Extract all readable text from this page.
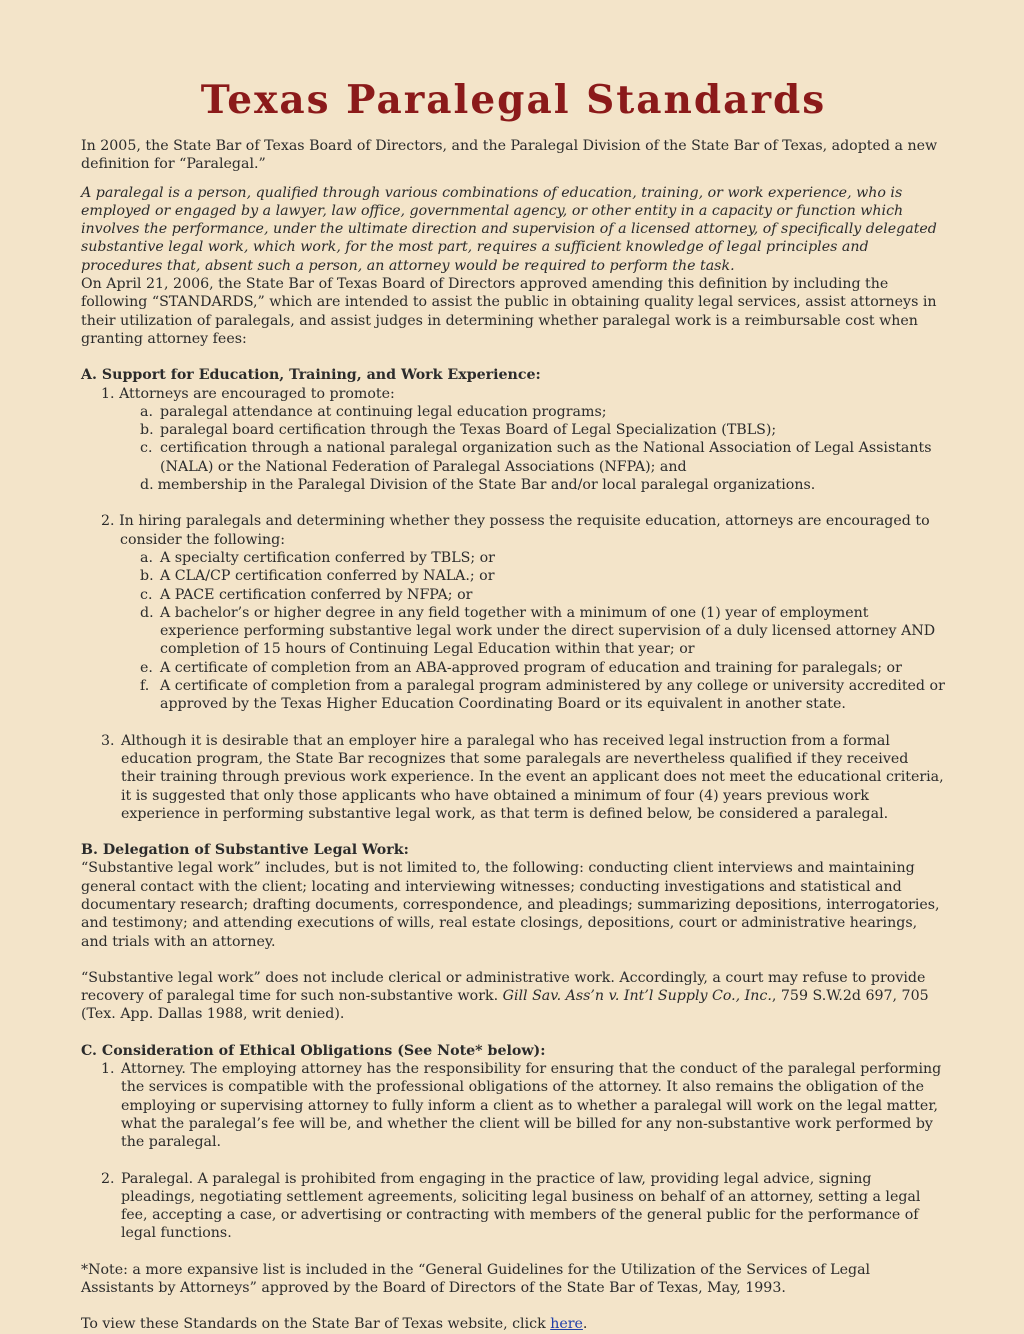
Texas Paralegal Standards

In 2005, the State Bar of Texas Board of Directors, and the Paralegal Division of the State Bar of Texas, adopted a new definition for “Paralegal.”

A paralegal is a person, qualified through various combinations of education, training, or work experience, who is employed or engaged by a lawyer, law office, governmental agency, or other entity in a capacity or function which involves the performance, under the ultimate direction and supervision of a licensed attorney, of specifically delegated substantive legal work, which work, for the most part, requires a sufficient knowledge of legal principles and procedures that, absent such a person, an attorney would be required to perform the task.

On April 21, 2006, the State Bar of Texas Board of Directors approved amending this definition by including the following “STANDARDS,” which are intended to assist the public in obtaining quality legal services, assist attorneys in their utilization of paralegals, and assist judges in determining whether paralegal work is a reimbursable cost when granting attorney fees:

A. Support for Education, Training, and Work Experience:

1. Attorneys are encouraged to promote:

a. paralegal attendance at continuing legal education programs;
b. paralegal board certification through the Texas Board of Legal Specialization (TBLS);
c. certification through a national paralegal organization such as the National Association of Legal Assistants (NALA) or the National Federation of Paralegal Associations (NFPA); and
d. membership in the Paralegal Division of the State Bar and/or local paralegal organizations.

2. In hiring paralegals and determining whether they possess the requisite education, attorneys are encouraged to consider the following:

a. A specialty certification conferred by TBLS; or
b. A CLA/CP certification conferred by NALA.; or
c. A PACE certification conferred by NFPA; or
d. A bachelor’s or higher degree in any field together with a minimum of one (1) year of employment experience performing substantive legal work under the direct supervision of a duly licensed attorney AND completion of 15 hours of Continuing Legal Education within that year; or
e. A certificate of completion from an ABA-approved program of education and training for paralegals; or
f. A certificate of completion from a paralegal program administered by any college or university accredited or approved by the Texas Higher Education Coordinating Board or its equivalent in another state.
3. Although it is desirable that an employer hire a paralegal who has received legal instruction from a formal education program, the State Bar recognizes that some paralegals are nevertheless qualified if they received their training through previous work experience. In the event an applicant does not meet the educational criteria, it is suggested that only those applicants who have obtained a minimum of four (4) years previous work experience in performing substantive legal work, as that term is defined below, be considered a paralegal.

B. Delegation of Substantive Legal Work:

“Substantive legal work” includes, but is not limited to, the following: conducting client interviews and maintaining general contact with the client; locating and interviewing witnesses; conducting investigations and statistical and documentary research; drafting documents, correspondence, and pleadings; summarizing depositions, interrogatories, and testimony; and attending executions of wills, real estate closings, depositions, court or administrative hearings, and trials with an attorney.

“Substantive legal work” does not include clerical or administrative work. Accordingly, a court may refuse to provide recovery of paralegal time for such non-substantive work. Gill Sav. Ass’n v. Int’l Supply Co., Inc., 759 S.W.2d 697, 705 (Tex. App. Dallas 1988, writ denied).

C. Consideration of Ethical Obligations (See Note* below):

1. Attorney. The employing attorney has the responsibility for ensuring that the conduct of the paralegal performing the services is compatible with the professional obligations of the attorney. It also remains the obligation of the employing or supervising attorney to fully inform a client as to whether a paralegal will work on the legal matter, what the paralegal’s fee will be, and whether the client will be billed for any non-substantive work performed by the paralegal.
2. Paralegal. A paralegal is prohibited from engaging in the practice of law, providing legal advice, signing pleadings, negotiating settlement agreements, soliciting legal business on behalf of an attorney, setting a legal fee, accepting a case, or advertising or contracting with members of the general public for the performance of legal functions.

*Note: a more expansive list is included in the “General Guidelines for the Utilization of the Services of Legal Assistants by Attorneys” approved by the Board of Directors of the State Bar of Texas, May, 1993.

To view these Standards on the State Bar of Texas website, click here.
